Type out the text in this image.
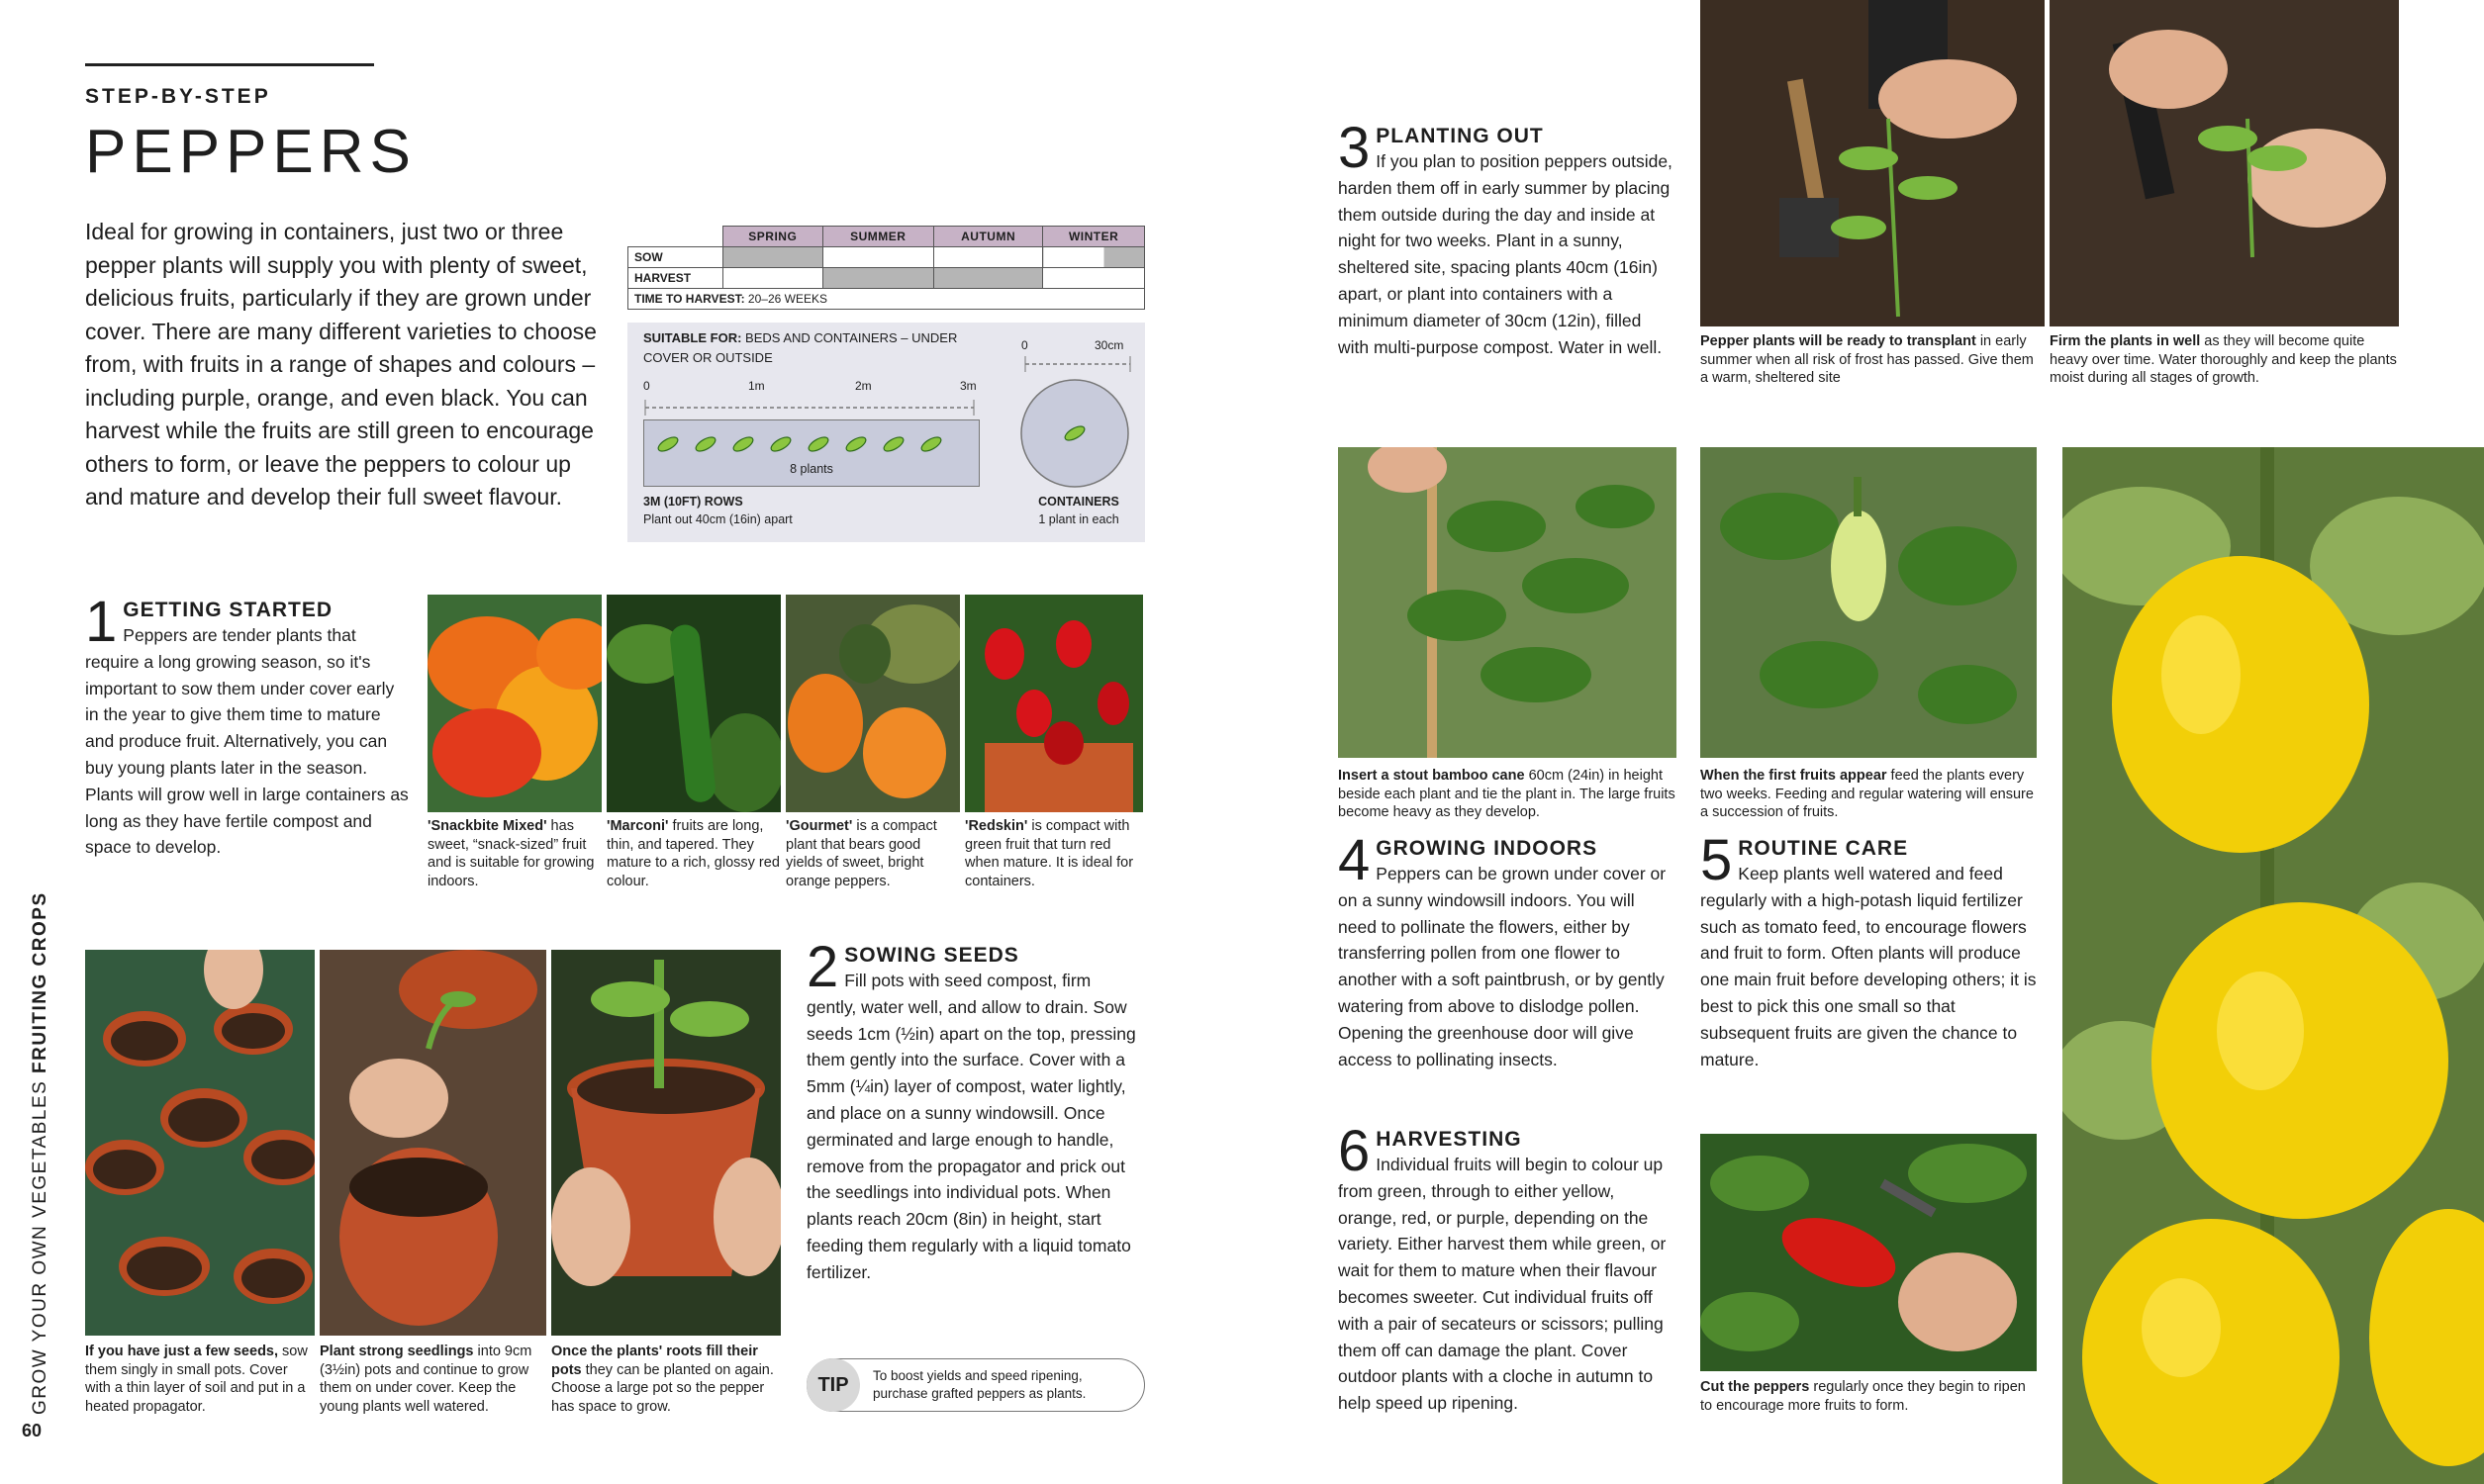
STEP-BY-STEP
PEPPERS
Ideal for growing in containers, just two or three pepper plants will supply you with plenty of sweet, delicious fruits, particularly if they are grown under cover. There are many different varieties to choose from, with fruits in a range of shapes and colours – including purple, orange, and even black. You can harvest while the fruits are still green to encourage others to form, or leave the peppers to colour up and mature and develop their full sweet flavour.
	SPRING	SUMMER	AUTUMN	WINTER
SOW				
HARVEST				
TIME TO HARVEST: 20–26 WEEKS				
SUITABLE FOR: BEDS AND CONTAINERS – UNDER COVER OR OUTSIDE
0	1m	2m	3m
8 plants
3M (10FT) ROWS
Plant out 40cm (16in) apart
0	30cm
CONTAINERS
1 plant in each
1 GETTING STARTED
Peppers are tender plants that require a long growing season, so it's important to sow them under cover early in the year to give them time to mature and produce fruit. Alternatively, you can buy young plants later in the season. Plants will grow well in large containers as long as they have fertile compost and space to develop.
'Snackbite Mixed' has sweet, “snack-sized” fruit and is suitable for growing indoors.
'Marconi' fruits are long, thin, and tapered. They mature to a rich, glossy red colour.
'Gourmet' is a compact plant that bears good yields of sweet, bright orange peppers.
'Redskin' is compact with green fruit that turn red when mature. It is ideal for containers.
If you have just a few seeds, sow them singly in small pots. Cover with a thin layer of soil and put in a heated propagator.
Plant strong seedlings into 9cm (3½in) pots and continue to grow them on under cover. Keep the young plants well watered.
Once the plants' roots fill their pots they can be planted on again. Choose a large pot so the pepper has space to grow.
2 SOWING SEEDS
Fill pots with seed compost, firm gently, water well, and allow to drain. Sow seeds 1cm (½in) apart on the top, pressing them gently into the surface. Cover with a 5mm (¼in) layer of compost, water lightly, and place on a sunny windowsill. Once germinated and large enough to handle, remove from the propagator and prick out the seedlings into individual pots. When plants reach 20cm (8in) in height, start feeding them regularly with a liquid tomato fertilizer.
TIP	To boost yields and speed ripening, purchase grafted peppers as plants.
GROW YOUR OWN VEGETABLES FRUITING CROPS
60
3 PLANTING OUT
If you plan to position peppers outside, harden them off in early summer by placing them outside during the day and inside at night for two weeks. Plant in a sunny, sheltered site, spacing plants 40cm (16in) apart, or plant into containers with a minimum diameter of 30cm (12in), filled with multi-purpose compost. Water in well.	Pepper plants will be ready to transplant in early summer when all risk of frost has passed. Give them a warm, sheltered site
Firm the plants in well as they will become quite heavy over time. Water thoroughly and keep the plants moist during all stages of growth.
Insert a stout bamboo cane 60cm (24in) in height beside each plant and tie the plant in. The large fruits become heavy as they develop.
When the first fruits appear feed the plants every two weeks. Feeding and regular watering will ensure a succession of fruits.
4 GROWING INDOORS
Peppers can be grown under cover or on a sunny windowsill indoors. You will need to pollinate the flowers, either by transferring pollen from one flower to another with a soft paintbrush, or by gently watering from above to dislodge pollen. Opening the greenhouse door will give access to pollinating insects.
5 ROUTINE CARE
Keep plants well watered and feed regularly with a high-potash liquid fertilizer such as tomato feed, to encourage flowers and fruit to form. Often plants will produce one main fruit before developing others; it is best to pick this one small so that subsequent fruits are given the chance to mature.
6 HARVESTING
Individual fruits will begin to colour up from green, through to either yellow, orange, red, or purple, depending on the variety. Either harvest them while green, or wait for them to mature when their flavour becomes sweeter. Cut individual fruits off with a pair of secateurs or scissors; pulling them off can damage the plant. Cover outdoor plants with a cloche in autumn to help speed up ripening.
Cut the peppers regularly once they begin to ripen to encourage more fruits to form.
